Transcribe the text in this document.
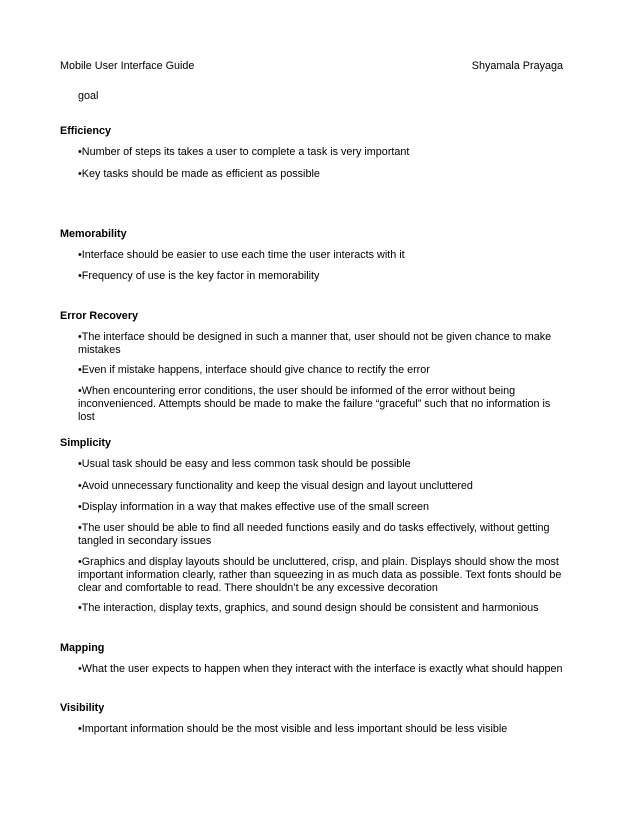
Mobile User Interface Guide	Shyamala Prayaga
goal
Efficiency
•Number of steps its takes a user to complete a task is very important
•Key tasks should be made as efficient as possible
Memorability
•Interface should be easier to use each time the user interacts with it
•Frequency of use is the key factor in memorability
Error Recovery
•The interface should be designed in such a manner that, user should not be given chance to make mistakes
•Even if mistake happens, interface should give chance to rectify the error
•When encountering error conditions, the user should be informed of the error without being inconvenienced. Attempts should be made to make the failure “graceful” such that no information is lost
Simplicity
•Usual task should be easy and less common task should be possible
•Avoid unnecessary functionality and keep the visual design and layout uncluttered
•Display information in a way that makes effective use of the small screen
•The user should be able to find all needed functions easily and do tasks effectively, without getting tangled in secondary issues
•Graphics and display layouts should be uncluttered, crisp, and plain. Displays should show the most important information clearly, rather than squeezing in as much data as possible. Text fonts should be clear and comfortable to read. There shouldn’t be any excessive decoration
•The interaction, display texts, graphics, and sound design should be consistent and harmonious
Mapping
•What the user expects to happen when they interact with the interface is exactly what should happen
Visibility
•Important information should be the most visible and less important should be less visible
